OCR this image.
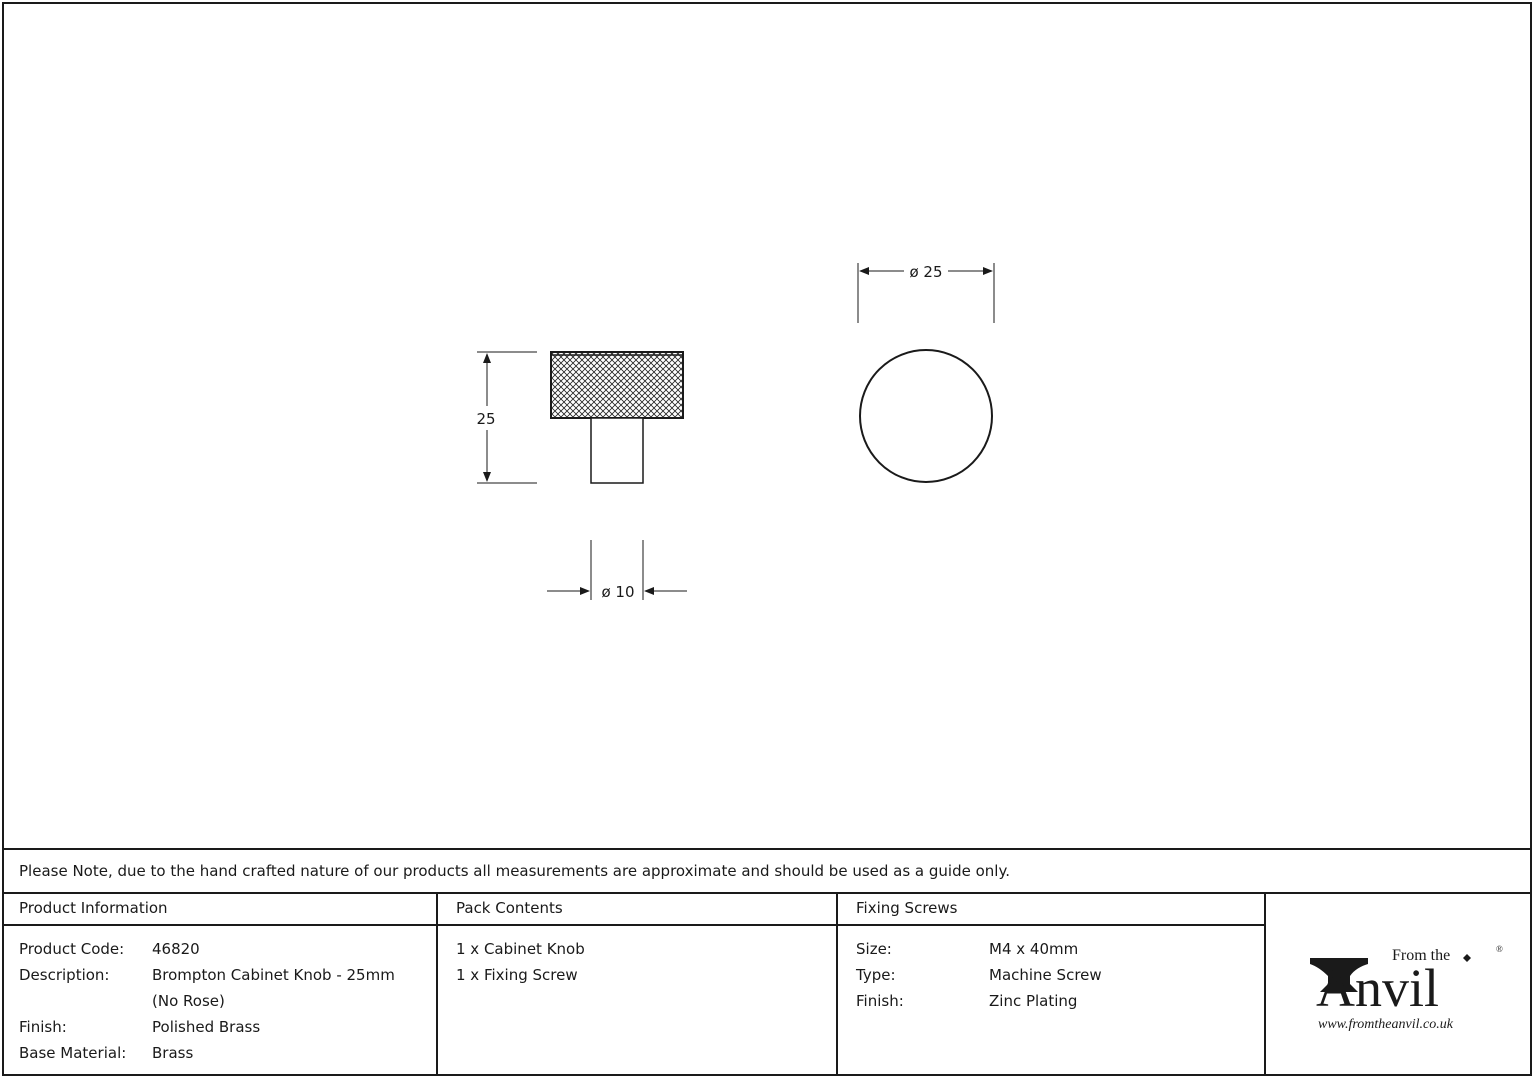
25
ø 10
ø 25
Please Note, due to the hand crafted nature of our products all measurements are approximate and should be used as a guide only.
Product Information
Product Code:	46820
Description:	Brompton Cabinet Knob - 25mm
(No Rose)
Finish:	Polished Brass
Base Material:	Brass
Pack Contents
1 x Cabinet Knob
1 x Fixing Screw
Fixing Screws
Size:	M4 x 40mm
Type:	Machine Screw
Finish:	Zinc Plating
From the	®
Anvil
www.fromtheanvil.co.uk
